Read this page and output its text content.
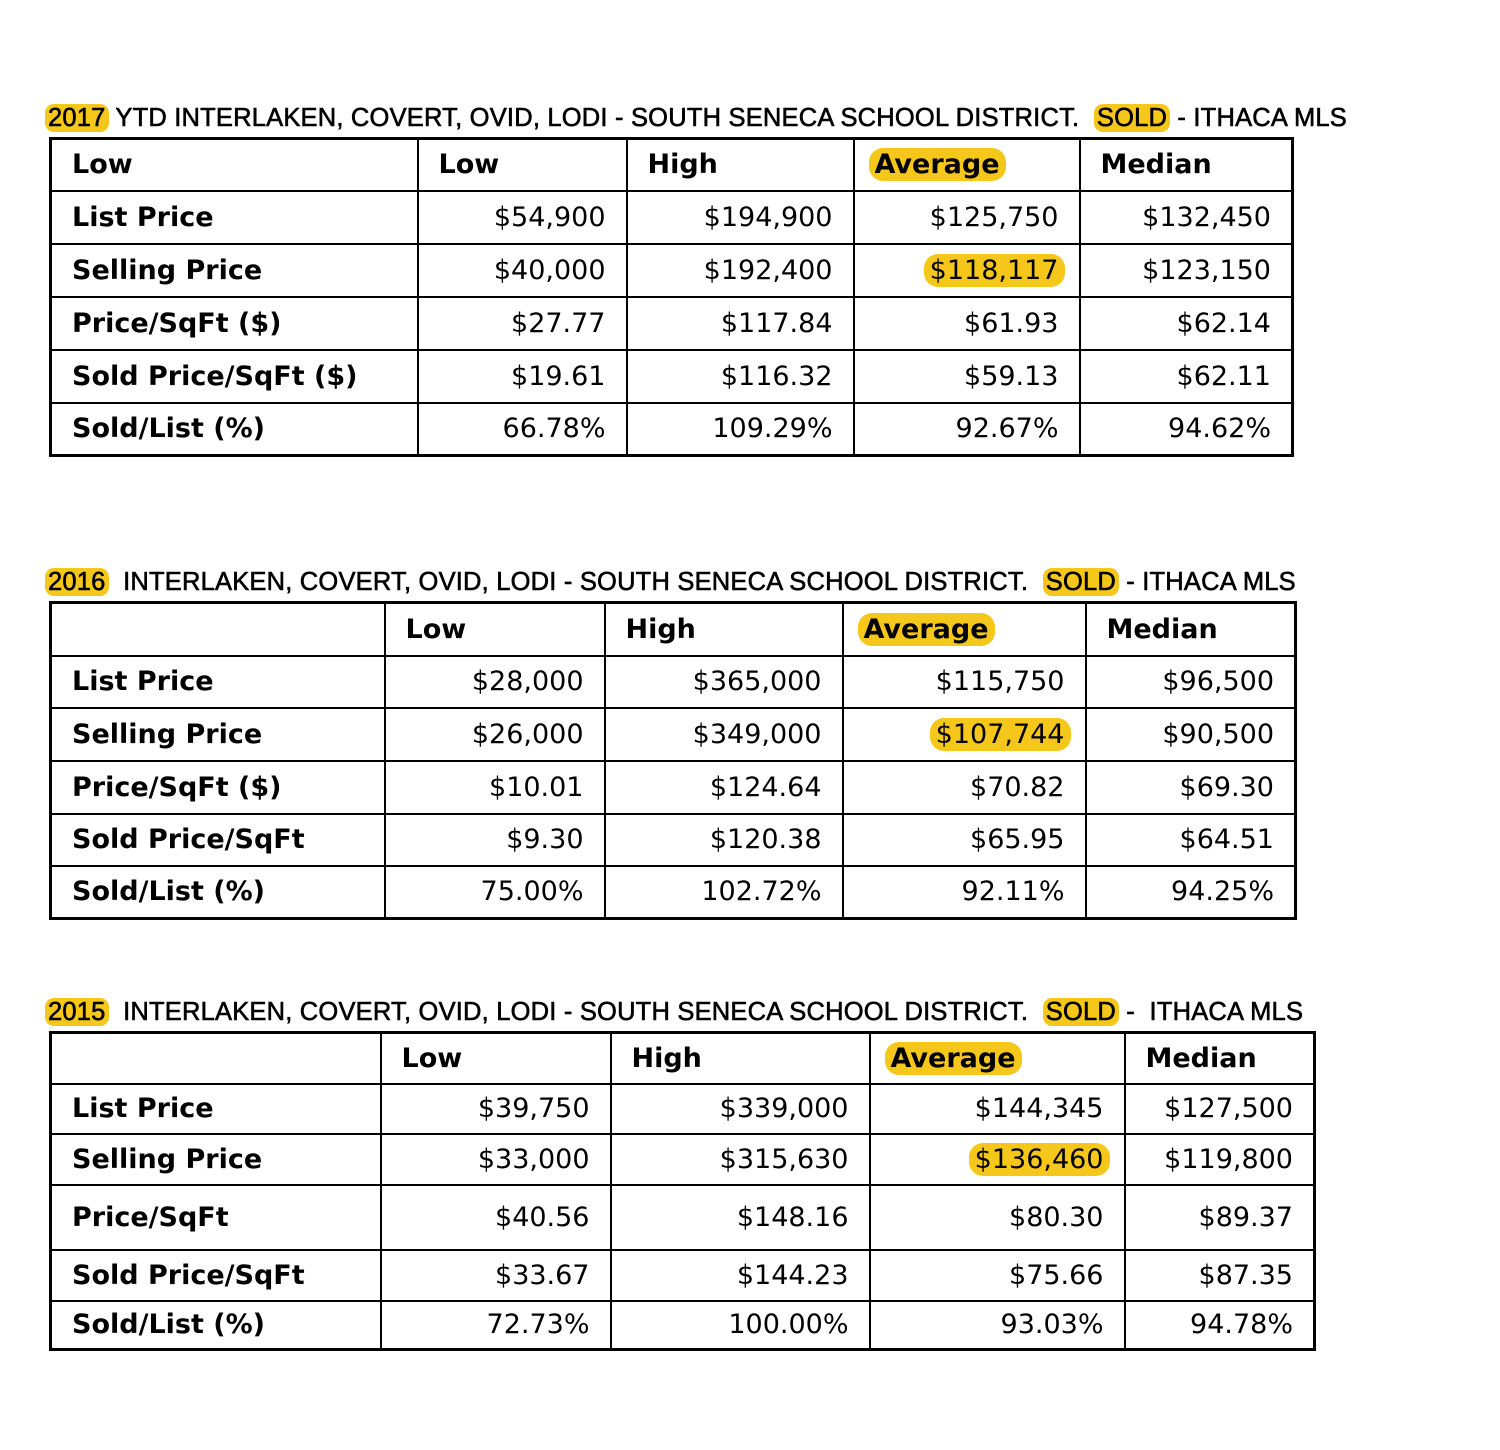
2017 YTD INTERLAKEN, COVERT, OVID, LODI - SOUTH SENECA SCHOOL DISTRICT.  SOLD - ITHACA MLS
Low	Low	High	Average	Median
List Price	$54,900	$194,900	$125,750	$132,450
Selling Price	$40,000	$192,400	$118,117	$123,150
Price/SqFt ($)	$27.77	$117.84	$61.93	$62.14
Sold Price/SqFt ($)	$19.61	$116.32	$59.13	$62.11
Sold/List (%)	66.78%	109.29%	92.67%	94.62%
2016  INTERLAKEN, COVERT, OVID, LODI - SOUTH SENECA SCHOOL DISTRICT.  SOLD - ITHACA MLS
	Low	High	Average	Median
List Price	$28,000	$365,000	$115,750	$96,500
Selling Price	$26,000	$349,000	$107,744	$90,500
Price/SqFt ($)	$10.01	$124.64	$70.82	$69.30
Sold Price/SqFt	$9.30	$120.38	$65.95	$64.51
Sold/List (%)	75.00%	102.72%	92.11%	94.25%
2015  INTERLAKEN, COVERT, OVID, LODI - SOUTH SENECA SCHOOL DISTRICT.  SOLD -  ITHACA MLS
	Low	High	Average	Median
List Price	$39,750	$339,000	$144,345	$127,500
Selling Price	$33,000	$315,630	$136,460	$119,800
Price/SqFt	$40.56	$148.16	$80.30	$89.37
Sold Price/SqFt	$33.67	$144.23	$75.66	$87.35
Sold/List (%)	72.73%	100.00%	93.03%	94.78%
